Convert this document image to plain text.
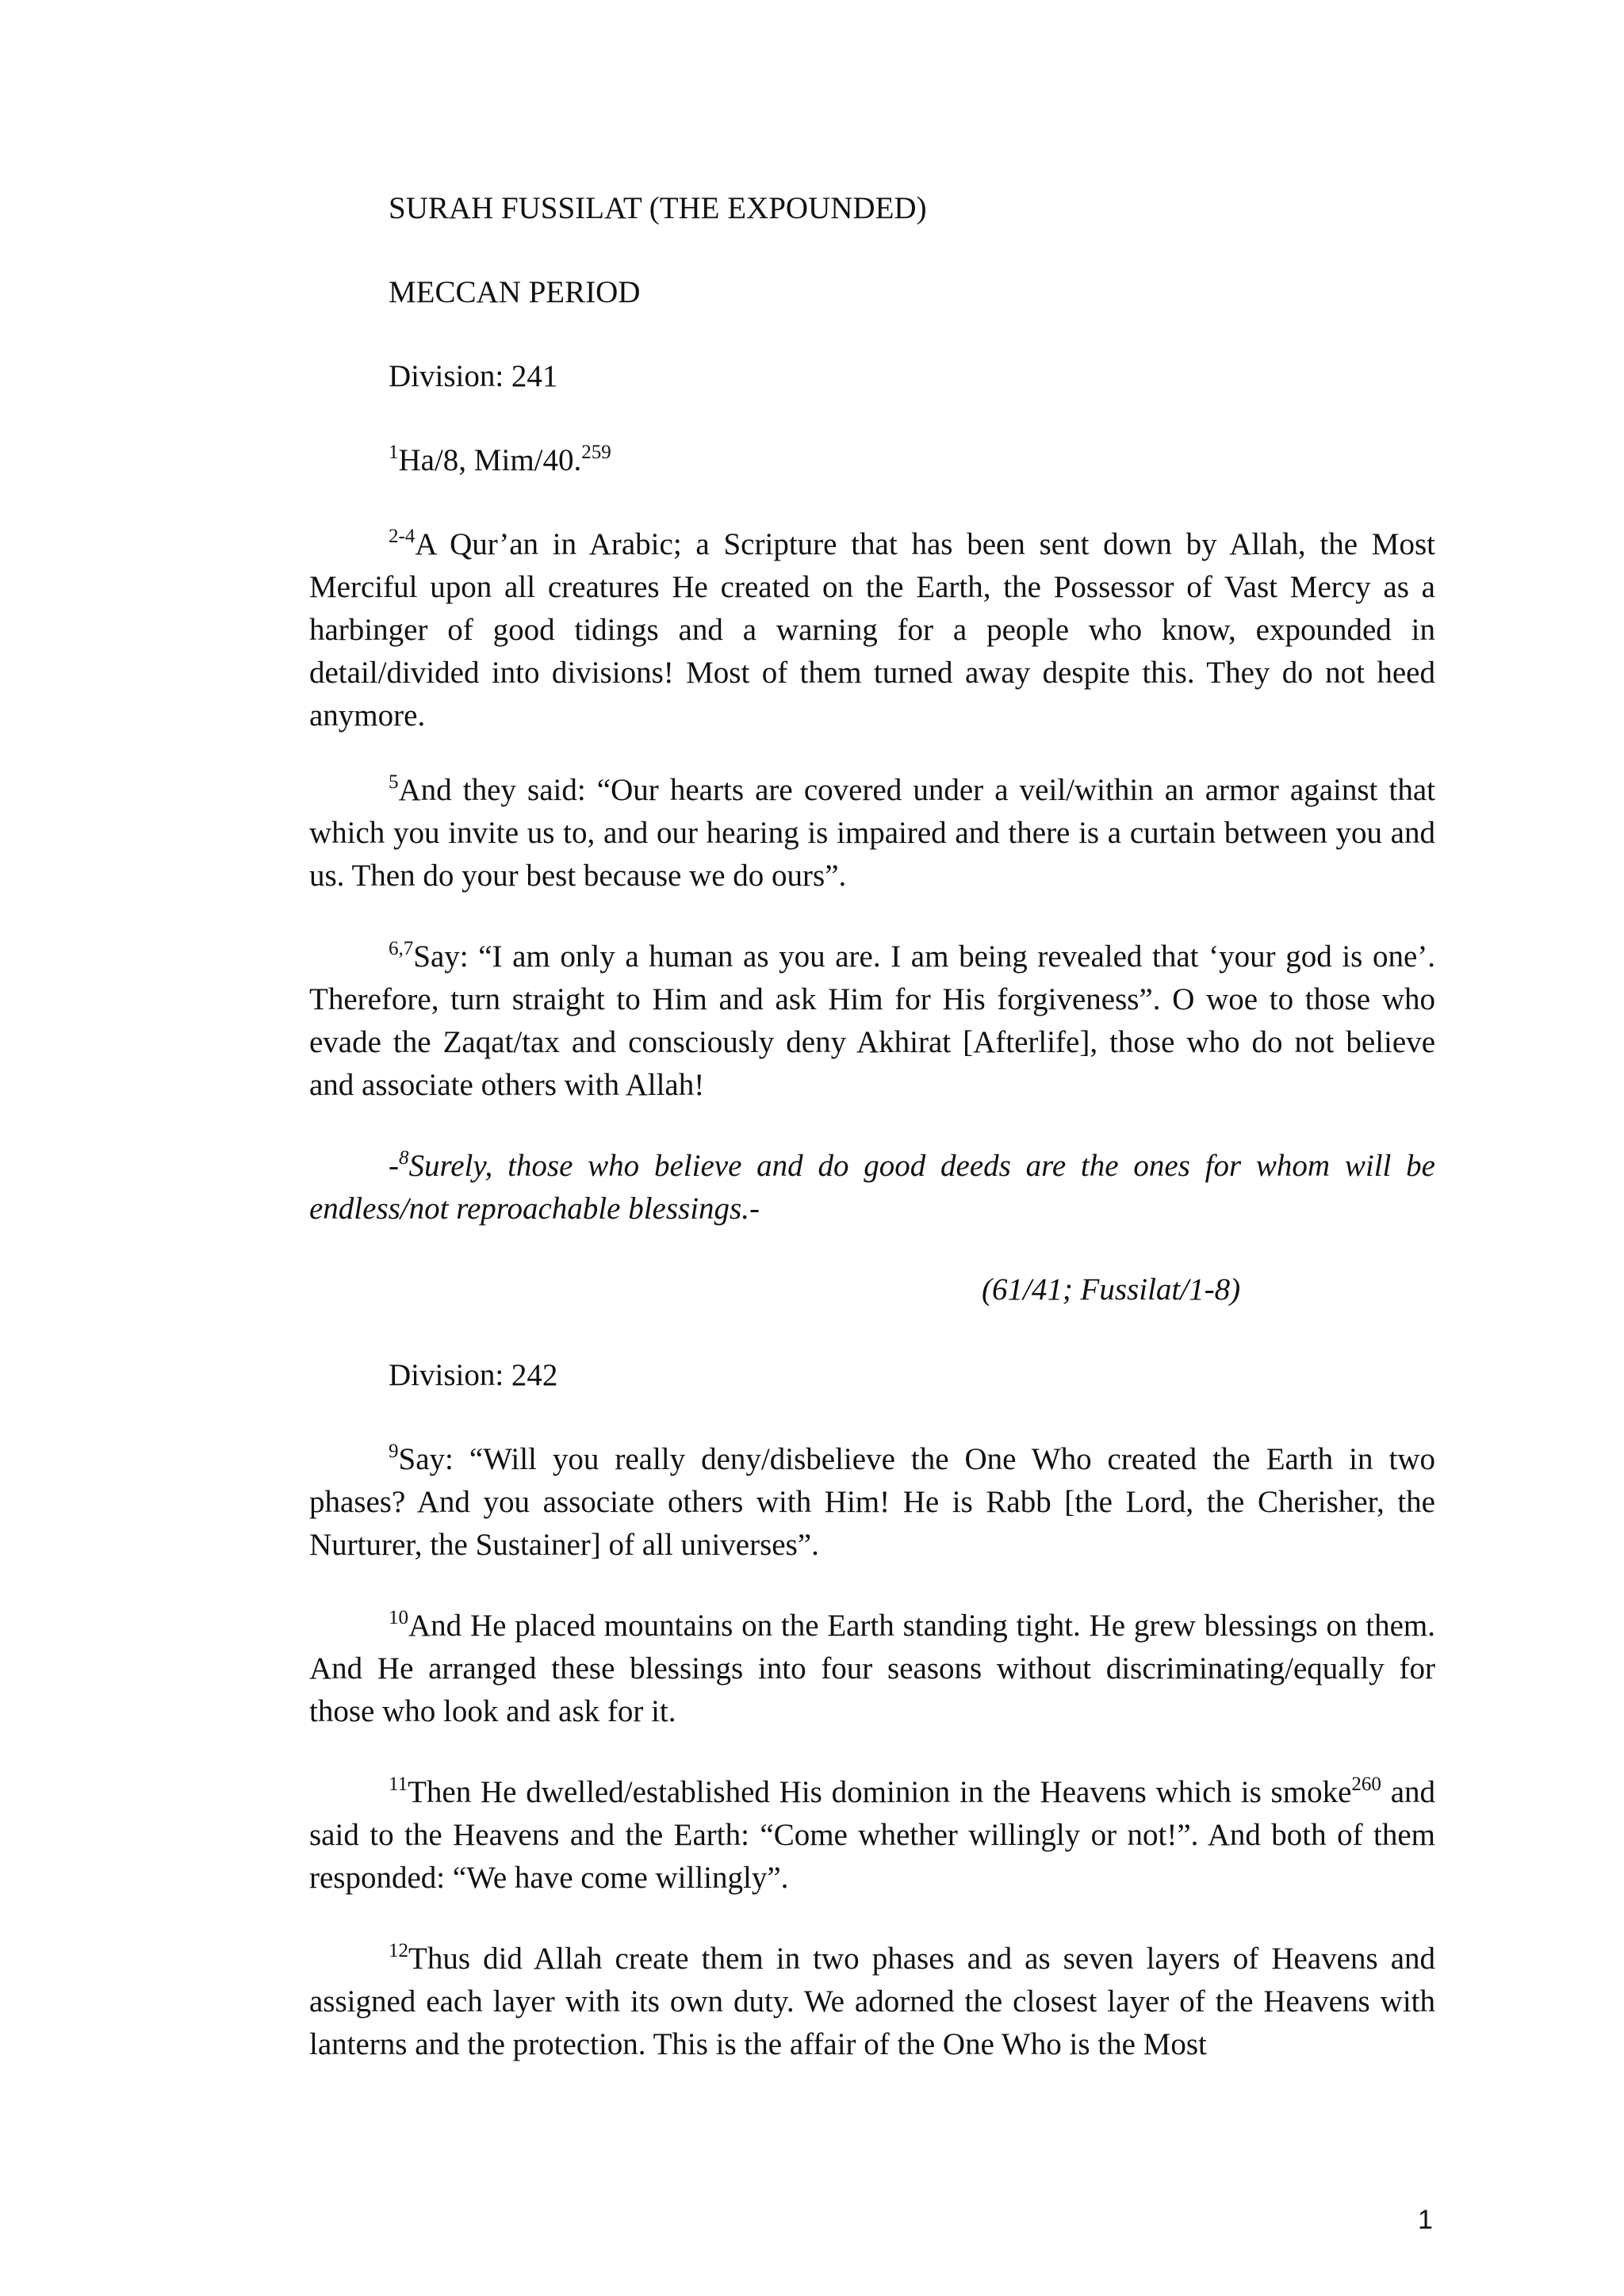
SURAH FUSSILAT (THE EXPOUNDED)
MECCAN PERIOD
Division: 241
$^1$Ha/8, Mim/40.$^{259}$
$^{2-4}$A Qur’an in Arabic; a Scripture that has been sent down by Allah, the Most Merciful upon all creatures He created on the Earth, the Possessor of Vast Mercy as a harbinger of good tidings and a warning for a people who know, expounded in detail/divided into divisions! Most of them turned away despite this. They do not heed anymore.
$^5$And they said: “Our hearts are covered under a veil/within an armor against that which you invite us to, and our hearing is impaired and there is a curtain between you and us. Then do your best because we do ours”.
$^{6,7}$Say: “I am only a human as you are. I am being revealed that ‘your god is one’. Therefore, turn straight to Him and ask Him for His forgiveness”. O woe to those who evade the Zaqat/tax and consciously deny Akhirat [Afterlife], those who do not believe and associate others with Allah!
-$^8$Surely, those who believe and do good deeds are the ones for whom will be endless/not reproachable blessings.-
(61/41; Fussilat/1-8)
Division: 242
$^9$Say: “Will you really deny/disbelieve the One Who created the Earth in two phases? And you associate others with Him! He is Rabb [the Lord, the Cherisher, the Nurturer, the Sustainer] of all universes”.
$^{10}$And He placed mountains on the Earth standing tight. He grew blessings on them. And He arranged these blessings into four seasons without discriminating/equally for those who look and ask for it.
$^{11}$Then He dwelled/established His dominion in the Heavens which is smoke$^{260}$ and said to the Heavens and the Earth: “Come whether willingly or not!”. And both of them responded: “We have come willingly”.
$^{12}$Thus did Allah create them in two phases and as seven layers of Heavens and assigned each layer with its own duty. We adorned the closest layer of the Heavens with lanterns and the protection. This is the affair of the One Who is the Most
1
